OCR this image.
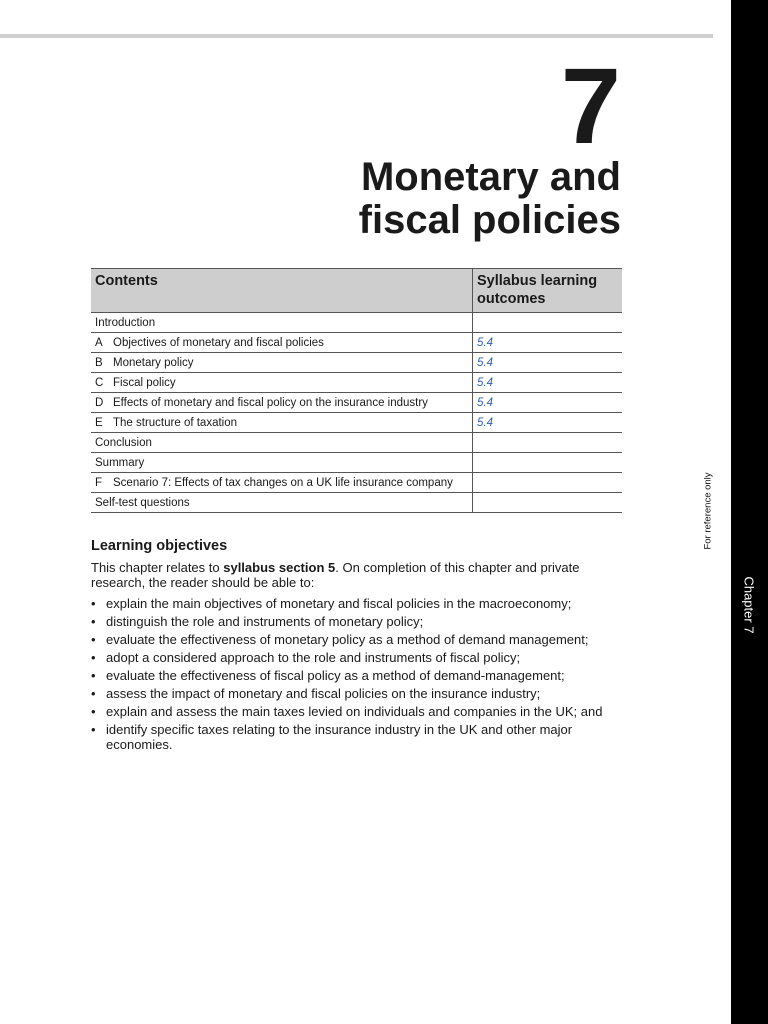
Chapter 7
For reference only
7
Monetary and
fiscal policies
Contents	Syllabus learning outcomes
Introduction	
A Objectives of monetary and fiscal policies	5.4
B Monetary policy	5.4
C Fiscal policy	5.4
D Effects of monetary and fiscal policy on the insurance industry	5.4
E The structure of taxation	5.4
Conclusion	
Summary	
F Scenario 7: Effects of tax changes on a UK life insurance company	
Self-test questions	
Learning objectives
This chapter relates to syllabus section 5. On completion of this chapter and private research, the reader should be able to:
• explain the main objectives of monetary and fiscal policies in the macroeconomy;
• distinguish the role and instruments of monetary policy;
• evaluate the effectiveness of monetary policy as a method of demand management;
• adopt a considered approach to the role and instruments of fiscal policy;
• evaluate the effectiveness of fiscal policy as a method of demand-management;
• assess the impact of monetary and fiscal policies on the insurance industry;
• explain and assess the main taxes levied on individuals and companies in the UK; and
• identify specific taxes relating to the insurance industry in the UK and other major economies.
